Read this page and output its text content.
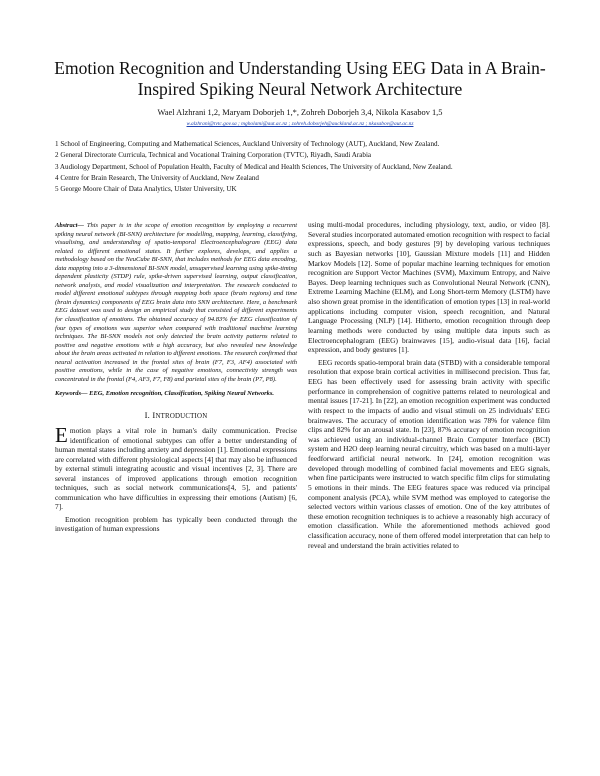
Emotion Recognition and Understanding Using EEG Data in A Brain-Inspired Spiking Neural Network Architecture
Wael Alzhrani 1,2, Maryam Doborjeh 1,*, Zohreh Doborjeh 3,4, Nikola Kasabov 1,5
w.alzhrani@tvtc.gov.sa ; mgholami@aut.ac.nz ; zohreh.doborjeh@auckland.ac.nz ; nkasabov@aut.ac.nz
1 School of Engineering, Computing and Mathematical Sciences, Auckland University of Technology (AUT), Auckland, New Zealand.
2 General Directorate Curricula, Technical and Vocational Training Corporation (TVTC), Riyadh, Saudi Arabia
3 Audiology Department, School of Population Health, Faculty of Medical and Health Sciences, The University of Auckland, New Zealand.
4 Centre for Brain Research, The University of Auckland, New Zealand
5 George Moore Chair of Data Analytics, Ulster University, UK
Abstract— This paper is in the scope of emotion recognition by employing a recurrent spiking neural network (BI-SNN) architecture for modelling, mapping, learning, classifying, visualising, and understanding of spatio-temporal Electroencephalogram (EEG) data related to different emotional states. It further explores, develops, and applies a methodology based on the NeuCube BI-SNN, that includes methods for EEG data encoding, data mapping into a 3-dimensional BI-SNN model, unsupervised learning using spike-timing dependent plasticity (STDP) rule, spike-driven supervised learning, output classification, network analysis, and model visualization and interpretation. The research conducted to model different emotional subtypes through mapping both space (brain regions) and time (brain dynamics) components of EEG brain data into SNN architecture. Here, a benchmark EEG dataset was used to design an empirical study that consisted of different experiments for classification of emotions. The obtained accuracy of 94.83% for EEG classification of four types of emotions was superior when compared with traditional machine learning techniques. The BI-SNN models not only detected the brain activity patterns related to positive and negative emotions with a high accuracy, but also revealed new knowledge about the brain areas activated in relation to different emotions. The research confirmed that neural activation increased in the frontal sites of brain (F7, F3, AF4) associated with positive emotions, while in the case of negative emotions, connectivity strength was concentrated in the frontal (F4, AF3, F7, F8) and parietal sites of the brain (P7, P8).
Keywords— EEG, Emotion recognition, Classification, Spiking Neural Networks.
I. INTRODUCTION

Emotion plays a vital role in human's daily communication. Precise identification of emotional subtypes can offer a better understanding of human mental states including anxiety and depression [1]. Emotional expressions are correlated with different physiological aspects [4] that may also be influenced by external stimuli integrating acoustic and visual incentives [2, 3]. There are several instances of improved applications through emotion recognition techniques, such as social network communications[4, 5], and patients' communication who have difficulties in expressing their emotions (Autism) [6, 7].

Emotion recognition problem has typically been conducted through the investigation of human expressions

using multi-modal procedures, including physiology, text, audio, or video [8]. Several studies incorporated automated emotion recognition with respect to facial expressions, speech, and body gestures [9] by developing various techniques such as Bayesian networks [10], Gaussian Mixture models [11] and Hidden Markov Models [12]. Some of popular machine learning techniques for emotion recognition are Support Vector Machines (SVM), Maximum Entropy, and Naive Bayes. Deep learning techniques such as Convolutional Neural Network (CNN), Extreme Learning Machine (ELM), and Long Short-term Memory (LSTM) have also shown great promise in the identification of emotion types [13] in real-world applications including computer vision, speech recognition, and Natural Language Processing (NLP) [14]. Hitherto, emotion recognition through deep learning methods were conducted by using multiple data inputs such as Electroencephalogram (EEG) brainwaves [15], audio-visual data [16], facial expression, and body gestures [1].

EEG records spatio-temporal brain data (STBD) with a considerable temporal resolution that expose brain cortical activities in millisecond precision. Thus far, EEG has been effectively used for assessing brain activity with specific performance in comprehension of cognitive patterns related to neurological and mental issues [17-21]. In [22], an emotion recognition experiment was conducted with respect to the impacts of audio and visual stimuli on 25 individuals' EEG brainwaves. The accuracy of emotion identification was 78% for valence film clips and 82% for an arousal state. In [23], 87% accuracy of emotion recognition was achieved using an individual-channel Brain Computer Interface (BCI) system and H2O deep learning neural circuitry, which was based on a multi-layer feedforward artificial neural network. In [24], emotion recognition was developed through modelling of combined facial movements and EEG signals, when fine participants were instructed to watch specific film clips for stimulating 5 emotions in their minds. The EEG features space was reduced via principal component analysis (PCA), while SVM method was employed to categorise the selected vectors within various classes of emotion. One of the key attributes of these emotion recognition techniques is to achieve a reasonably high accuracy of emotion classification. While the aforementioned methods achieved good classification accuracy, none of them offered model interpretation that can help to reveal and understand the brain activities related to
